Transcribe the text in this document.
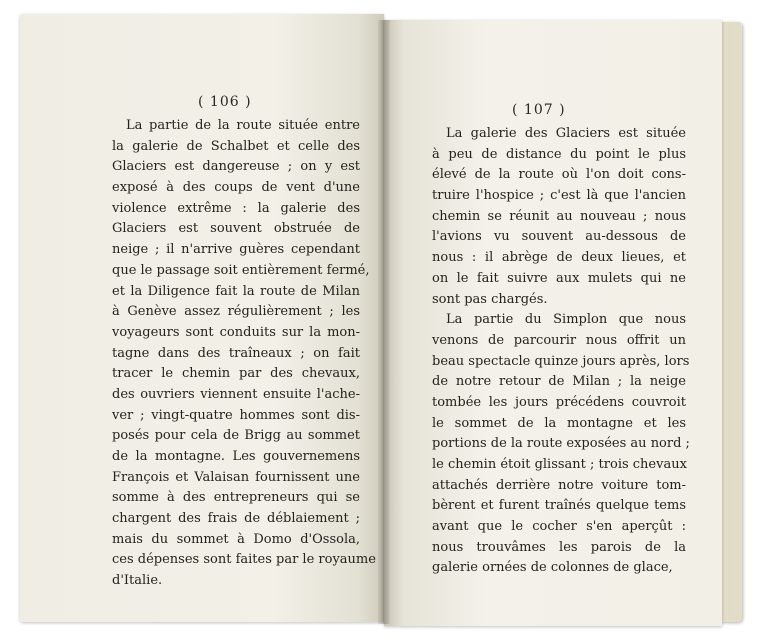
( 106 )
La partie de la route située entre
la galerie de Schalbet et celle des
Glaciers est dangereuse ; on y est
exposé à des coups de vent d'une
violence extrême : la galerie des
Glaciers est souvent obstruée de
neige ; il n'arrive guères cependant
que le passage soit entièrement fermé,
et la Diligence fait la route de Milan
à Genève assez régulièrement ; les
voyageurs sont conduits sur la mon-
tagne dans des traîneaux ; on fait
tracer le chemin par des chevaux,
des ouvriers viennent ensuite l'ache-
ver ; vingt-quatre hommes sont dis-
posés pour cela de Brigg au sommet
de la montagne. Les gouvernemens
François et Valaisan fournissent une
somme à des entrepreneurs qui se
chargent des frais de déblaiement ;
mais du sommet à Domo d'Ossola,
ces dépenses sont faites par le royaume
d'Italie.
( 107 )
La galerie des Glaciers est située
à peu de distance du point le plus
élevé de la route où l'on doit cons-
truire l'hospice ; c'est là que l'ancien
chemin se réunit au nouveau ; nous
l'avions vu souvent au-dessous de
nous : il abrège de deux lieues, et
on le fait suivre aux mulets qui ne
sont pas chargés.
La partie du Simplon que nous
venons de parcourir nous offrit un
beau spectacle quinze jours après, lors
de notre retour de Milan ; la neige
tombée les jours précédens couvroit
le sommet de la montagne et les
portions de la route exposées au nord ;
le chemin étoit glissant ; trois chevaux
attachés derrière notre voiture tom-
bèrent et furent traînés quelque tems
avant que le cocher s'en aperçût :
nous trouvâmes les parois de la
galerie ornées de colonnes de glace,
